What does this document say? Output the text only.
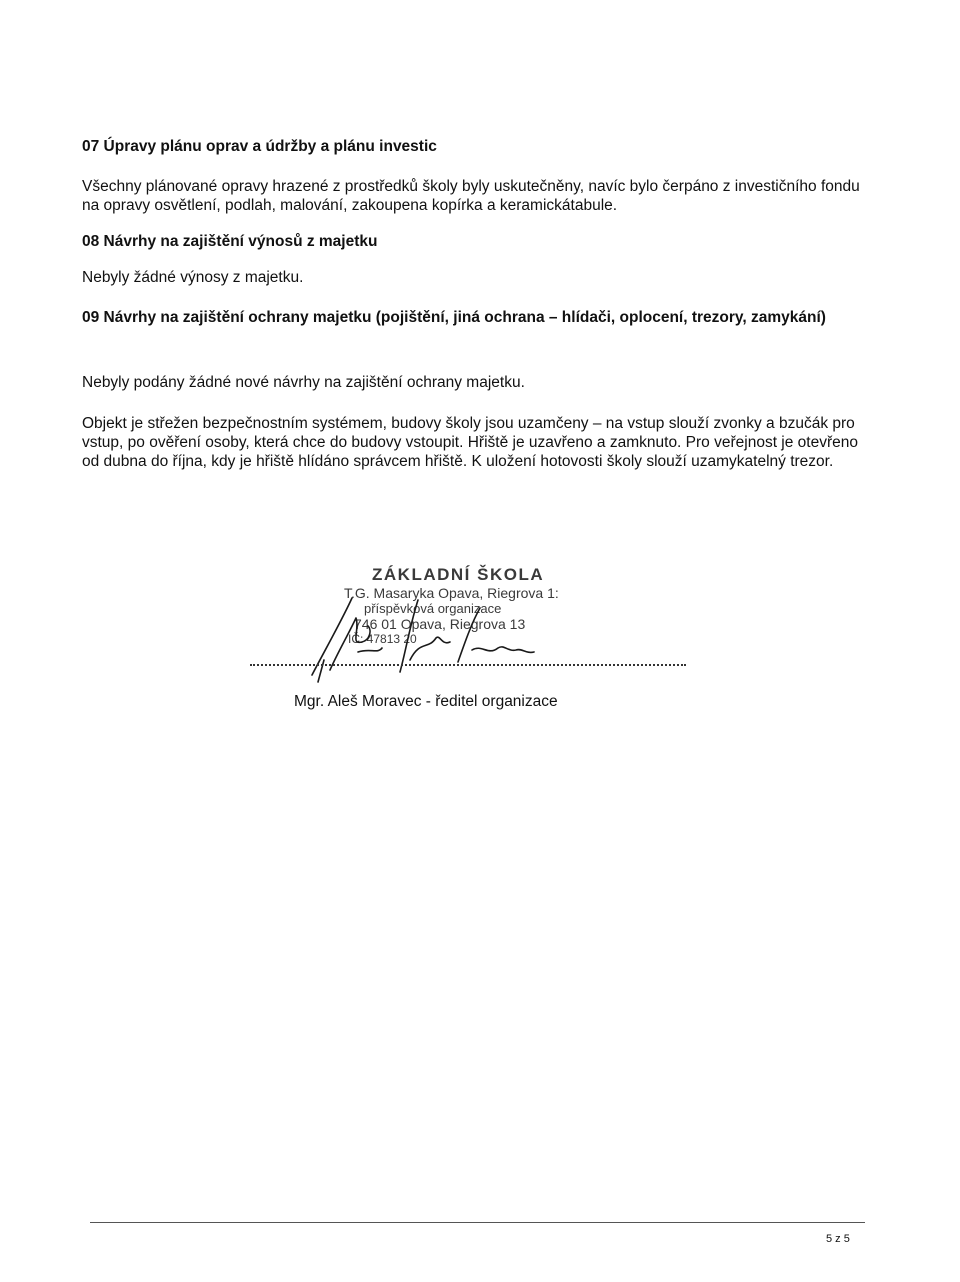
07 Úpravy plánu oprav a údržby a plánu investic

Všechny plánované opravy hrazené z prostředků školy byly uskutečněny, navíc bylo čerpáno z investičního fondu na opravy osvětlení, podlah, malování, zakoupena kopírka a keramickátabule.

08 Návrhy na zajištění výnosů z majetku

Nebyly žádné výnosy z majetku.

09 Návrhy na zajištění ochrany majetku (pojištění, jiná ochrana – hlídači, oplocení, trezory, zamykání)

Nebyly podány žádné nové návrhy na zajištění ochrany majetku.

Objekt je střežen bezpečnostním systémem, budovy školy jsou uzamčeny – na vstup slouží zvonky a bzučák pro vstup, po ověření osoby, která chce do budovy vstoupit. Hřiště je uzavřeno a zamknuto. Pro veřejnost je otevřeno od dubna do října, kdy je hřiště hlídáno správcem hřiště. K uložení hotovosti školy slouží uzamykatelný trezor.

ZÁKLADNÍ ŠKOLA
T.G. Masaryka Opava, Riegrova 1:
příspěvková organizace
746 01 Opava, Riegrova 13
IČ: 47813 20
Mgr. Aleš Moravec - ředitel organizace
5 z 5
